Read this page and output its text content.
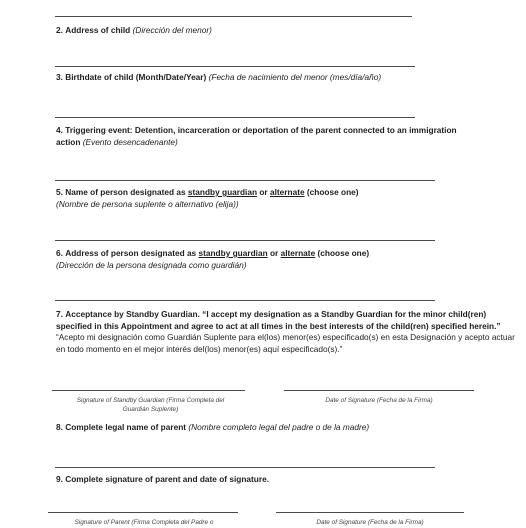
2. Address of child (Dirección del menor)
3. Birthdate of child (Month/Date/Year) (Fecha de nacimiento del menor (mes/día/año)
4. Triggering event: Detention, incarceration or deportation of the parent connected to an immigration action (Evento desencadenante)
5. Name of person designated as standby guardian or alternate (choose one)
(Nombre de persona suplente o alternativo (elija))
6. Address of person designated as standby guardian or alternate (choose one)
(Dirección de la persona designada como guardián)
7. Acceptance by Standby Guardian. “I accept my designation as a Standby Guardian for the minor child(ren) specified in this Appointment and agree to act at all times in the best interests of the child(ren) specified herein.” “Acepto mi designación como Guardián Suplente para el(los) menor(es) especificado(s) en esta Designación y acepto actuar en todo momento en el mejor interés del(los) menor(es) aquí especificado(s).”
Signature of Standby Guardian (Firma Completa del
Guardián Suplente)
Date of Signature (Fecha de la Firma)
8. Complete legal name of parent (Nombre completo legal del padre o de la madre)
9. Complete signature of parent and date of signature.
Signature of Parent (Firma Completa del Padre o	Date of Signature (Fecha de la Firma)
